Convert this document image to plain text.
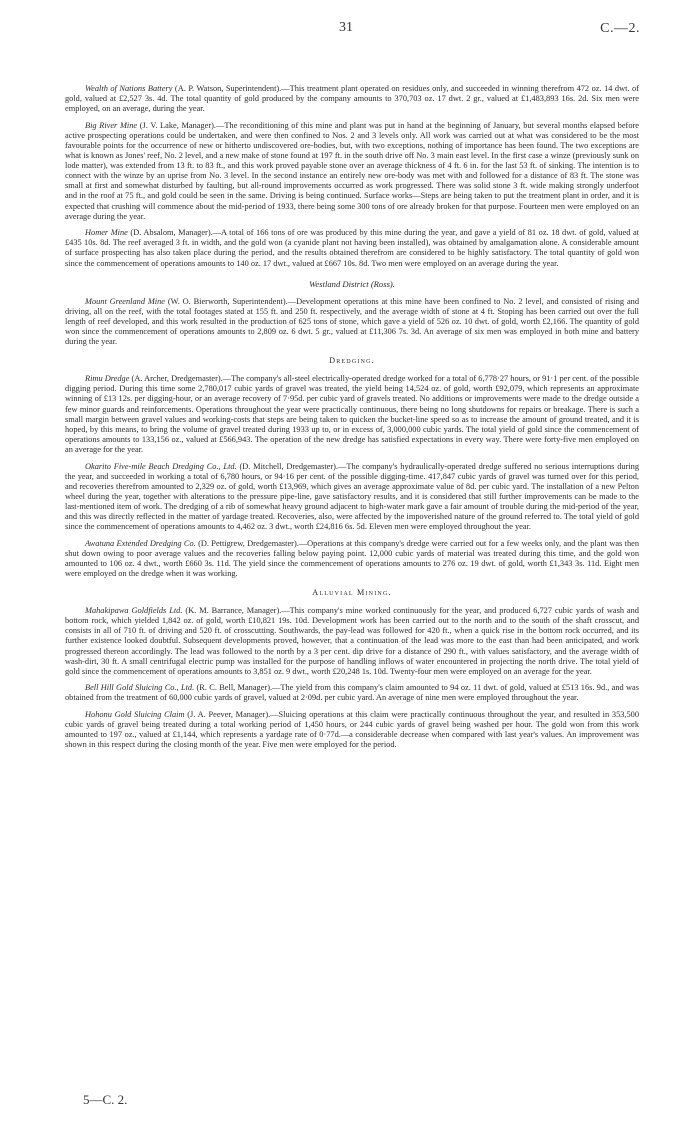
31	C.—2.

Wealth of Nations Battery (A. P. Watson, Superintendent).—This treatment plant operated on residues only, and succeeded in winning therefrom 472 oz. 14 dwt. of gold, valued at £2,527 3s. 4d. The total quantity of gold produced by the company amounts to 370,703 oz. 17 dwt. 2 gr., valued at £1,483,893 16s. 2d. Six men were employed, on an average, during the year.

Big River Mine (J. V. Lake, Manager).—The reconditioning of this mine and plant was put in hand at the beginning of January, but several months elapsed before active prospecting operations could be undertaken, and were then confined to Nos. 2 and 3 levels only. All work was carried out at what was considered to be the most favourable points for the occurrence of new or hitherto undiscovered ore-bodies, but, with two exceptions, nothing of importance has been found. The two exceptions are what is known as Jones' reef, No. 2 level, and a new make of stone found at 197 ft. in the south drive off No. 3 main east level. In the first case a winze (previously sunk on lode matter), was extended from 13 ft. to 83 ft., and this work proved payable stone over an average thickness of 4 ft. 6 in. for the last 53 ft. of sinking. The intention is to connect with the winze by an uprise from No. 3 level. In the second instance an entirely new ore-body was met with and followed for a distance of 83 ft. The stone was small at first and somewhat disturbed by faulting, but all-round improvements occurred as work progressed. There was solid stone 3 ft. wide making strongly underfoot and in the roof at 75 ft., and gold could be seen in the same. Driving is being continued. Surface works—Steps are being taken to put the treatment plant in order, and it is expected that crushing will commence about the mid-period of 1933, there being some 300 tons of ore already broken for that purpose. Fourteen men were employed on an average during the year.

Homer Mine (D. Absalom, Manager).—A total of 166 tons of ore was produced by this mine during the year, and gave a yield of 81 oz. 18 dwt. of gold, valued at £435 10s. 8d. The reef averaged 3 ft. in width, and the gold won (a cyanide plant not having been installed), was obtained by amalgamation alone. A considerable amount of surface prospecting has also taken place during the period, and the results obtained therefrom are considered to be highly satisfactory. The total quantity of gold won since the commencement of operations amounts to 140 oz. 17 dwt., valued at £667 10s. 8d. Two men were employed on an average during the year.

Westland District (Ross).

Mount Greenland Mine (W. O. Bierworth, Superintendent).—Development operations at this mine have been confined to No. 2 level, and consisted of rising and driving, all on the reef, with the total footages stated at 155 ft. and 250 ft. respectively, and the average width of stone at 4 ft. Stoping has been carried out over the full length of reef developed, and this work resulted in the production of 625 tons of stone, which gave a yield of 526 oz. 10 dwt. of gold, worth £2,166. The quantity of gold won since the commencement of operations amounts to 2,809 oz. 6 dwt. 5 gr., valued at £11,306 7s. 3d. An average of six men was employed in both mine and battery during the year.

Dredging.

Rimu Dredge (A. Archer, Dredgemaster).—The company's all-steel electrically-operated dredge worked for a total of 6,778·27 hours, or 91·1 per cent. of the possible digging period. During this time some 2,780,017 cubic yards of gravel was treated, the yield being 14,524 oz. of gold, worth £92,079, which represents an approximate winning of £13 12s. per digging-hour, or an average recovery of 7·95d. per cubic yard of gravels treated. No additions or improvements were made to the dredge outside a few minor guards and reinforcements. Operations throughout the year were practically continuous, there being no long shutdowns for repairs or breakage. There is such a small margin between gravel values and working-costs that steps are being taken to quicken the bucket-line speed so as to increase the amount of ground treated, and it is hoped, by this means, to bring the volume of gravel treated during 1933 up to, or in excess of, 3,000,000 cubic yards. The total yield of gold since the commencement of operations amounts to 133,156 oz., valued at £566,943. The operation of the new dredge has satisfied expectations in every way. There were forty-five men employed on an average for the year.

Okarito Five-mile Beach Dredging Co., Ltd. (D. Mitchell, Dredgemaster).—The company's hydraulically-operated dredge suffered no serious interruptions during the year, and succeeded in working a total of 6,780 hours, or 94·16 per cent. of the possible digging-time. 417,847 cubic yards of gravel was turned over for this period, and recoveries therefrom amounted to 2,329 oz. of gold, worth £13,969, which gives an average approximate value of 8d. per cubic yard. The installation of a new Pelton wheel during the year, together with alterations to the pressure pipe-line, gave satisfactory results, and it is considered that still further improvements can be made to the last-mentioned item of work. The dredging of a rib of somewhat heavy ground adjacent to high-water mark gave a fair amount of trouble during the mid-period of the year, and this was directly reflected in the matter of yardage treated. Recoveries, also, were affected by the impoverished nature of the ground referred to. The total yield of gold since the commencement of operations amounts to 4,462 oz. 3 dwt., worth £24,816 6s. 5d. Eleven men were employed throughout the year.

Awatuna Extended Dredging Co. (D. Pettigrew, Dredgemaster).—Operations at this company's dredge were carried out for a few weeks only, and the plant was then shut down owing to poor average values and the recoveries falling below paying point. 12,000 cubic yards of material was treated during this time, and the gold won amounted to 106 oz. 4 dwt., worth £660 3s. 11d. The yield since the commencement of operations amounts to 276 oz. 19 dwt. of gold, worth £1,343 3s. 11d. Eight men were employed on the dredge when it was working.

Alluvial Mining.

Mahakipawa Goldfields Ltd. (K. M. Barrance, Manager).—This company's mine worked continuously for the year, and produced 6,727 cubic yards of wash and bottom rock, which yielded 1,842 oz. of gold, worth £10,821 19s. 10d. Development work has been carried out to the north and to the south of the shaft crosscut, and consists in all of 710 ft. of driving and 520 ft. of crosscutting. Southwards, the pay-lead was followed for 420 ft., when a quick rise in the bottom rock occurred, and its further existence looked doubtful. Subsequent developments proved, however, that a continuation of the lead was more to the east than had been anticipated, and work progressed thereon accordingly. The lead was followed to the north by a 3 per cent. dip drive for a distance of 290 ft., with values satisfactory, and the average width of wash-dirt, 30 ft. A small centrifugal electric pump was installed for the purpose of handling inflows of water encountered in projecting the north drive. The total yield of gold since the commencement of operations amounts to 3,851 oz. 9 dwt., worth £20,248 1s. 10d. Twenty-four men were employed on an average for the year.

Bell Hill Gold Sluicing Co., Ltd. (R. C. Bell, Manager).—The yield from this company's claim amounted to 94 oz. 11 dwt. of gold, valued at £513 16s. 9d., and was obtained from the treatment of 60,000 cubic yards of gravel, valued at 2·09d. per cubic yard. An average of nine men were employed throughout the year.

Hohonu Gold Sluicing Claim (J. A. Peever, Manager).—Sluicing operations at this claim were practically continuous throughout the year, and resulted in 353,500 cubic yards of gravel being treated during a total working period of 1,450 hours, or 244 cubic yards of gravel being washed per hour. The gold won from this work amounted to 197 oz., valued at £1,144, which represents a yardage rate of 0·77d.—a considerable decrease when compared with last year's values. An improvement was shown in this respect during the closing month of the year. Five men were employed for the period.

5—C. 2.
